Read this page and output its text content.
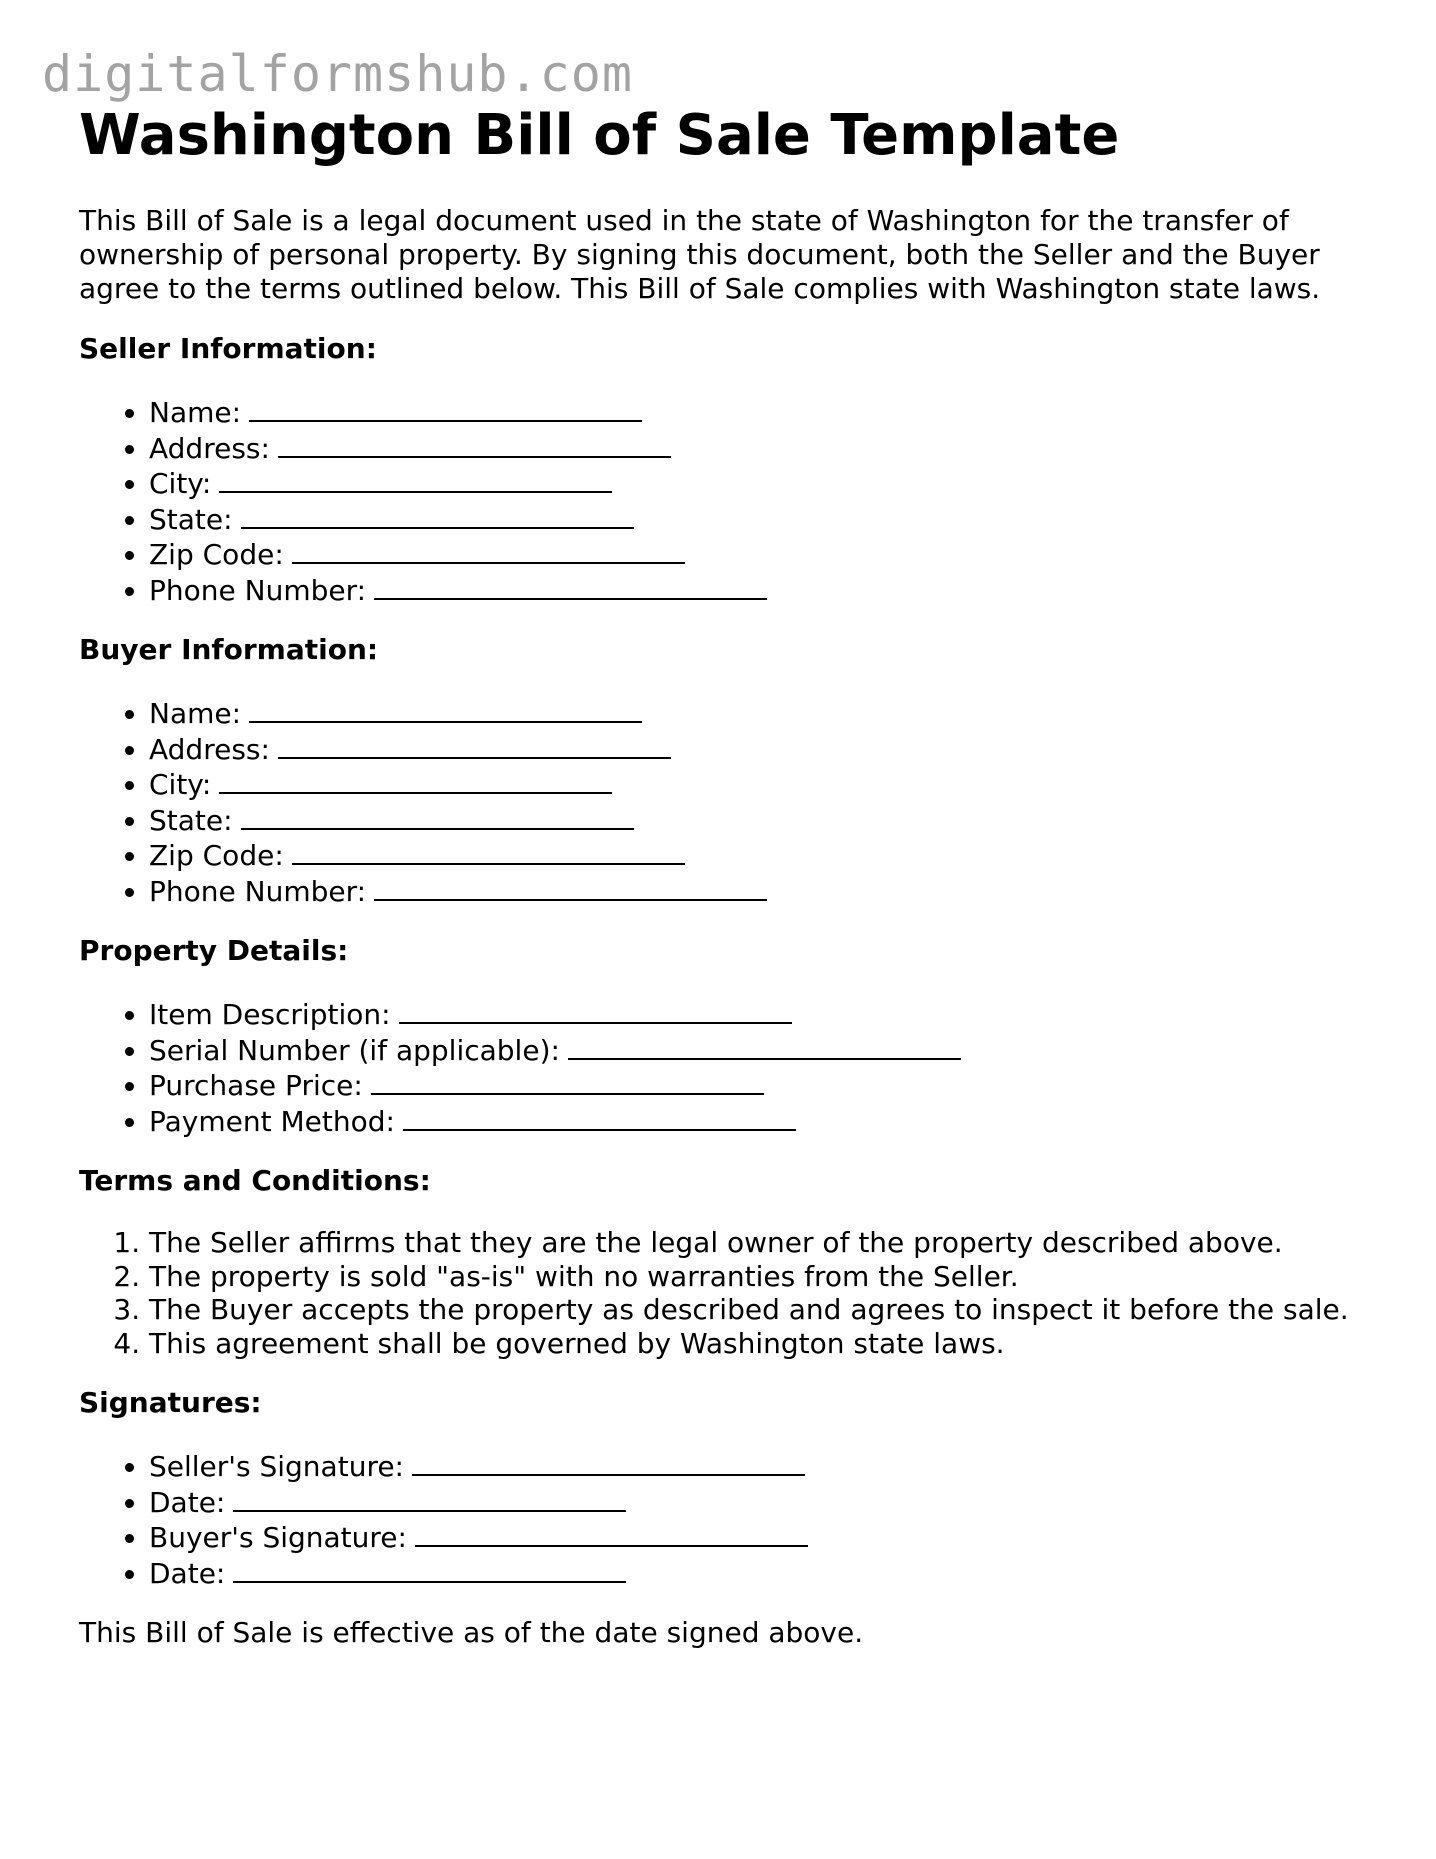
digitalformshub.com
Washington Bill of Sale Template

This Bill of Sale is a legal document used in the state of Washington for the transfer of ownership of personal property. By signing this document, both the Seller and the Buyer agree to the terms outlined below. This Bill of Sale complies with Washington state laws.

Seller Information:
• Name:
• Address:
• City:
• State:
• Zip Code:
• Phone Number:
Buyer Information:
• Name:
• Address:
• City:
• State:
• Zip Code:
• Phone Number:
Property Details:
• Item Description:
• Serial Number (if applicable):
• Purchase Price:
• Payment Method:
Terms and Conditions:
1. The Seller affirms that they are the legal owner of the property described above.
2. The property is sold "as-is" with no warranties from the Seller.
3. The Buyer accepts the property as described and agrees to inspect it before the sale.
4. This agreement shall be governed by Washington state laws.
Signatures:
• Seller's Signature:
• Date:
• Buyer's Signature:
• Date:

This Bill of Sale is effective as of the date signed above.
